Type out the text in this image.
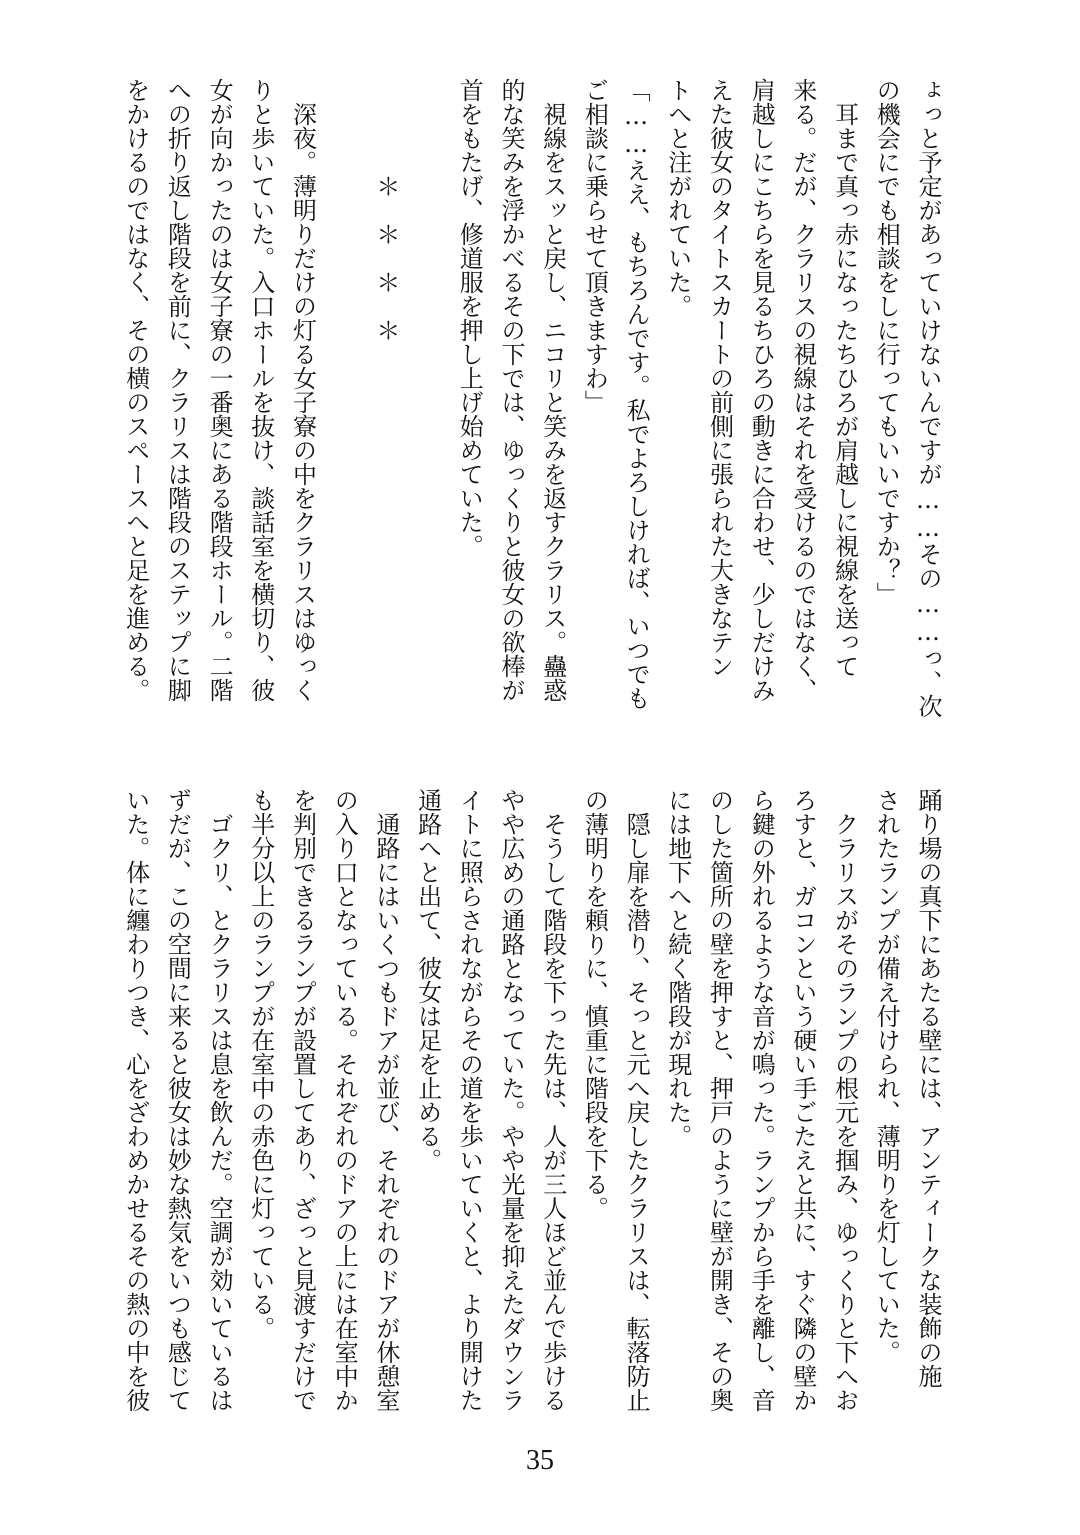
ょっと予定があっていけないんですが……その……っ、次
の機会にでも相談をしに行ってもいいですか？」
　耳まで真っ赤になったちひろが肩越しに視線を送って
来る。だが、クラリスの視線はそれを受けるのではなく、
肩越しにこちらを見るちひろの動きに合わせ、少しだけみ
えた彼女のタイトスカートの前側に張られた大きなテン
トへと注がれていた。
「……ええ、もちろんです。私でよろしければ、いつでも
ご相談に乗らせて頂きますわ」
　視線をスッと戻し、ニコリと笑みを返すクラリス。蠱惑
的な笑みを浮かべるその下では、ゆっくりと彼女の欲棒が
首をもたげ、修道服を押し上げ始めていた。
　　　　＊　＊　＊　＊
　深夜。薄明りだけの灯る女子寮の中をクラリスはゆっく
りと歩いていた。入口ホールを抜け、談話室を横切り、彼
女が向かったのは女子寮の一番奥にある階段ホール。二階
への折り返し階段を前に、クラリスは階段のステップに脚
をかけるのではなく、その横のスペースへと足を進める。
踊り場の真下にあたる壁には、アンティークな装飾の施
されたランプが備え付けられ、薄明りを灯していた。
　クラリスがそのランプの根元を掴み、ゆっくりと下へお
ろすと、ガコンという硬い手ごたえと共に、すぐ隣の壁か
ら鍵の外れるような音が鳴った。ランプから手を離し、音
のした箇所の壁を押すと、押戸のように壁が開き、その奥
には地下へと続く階段が現れた。
　隠し扉を潜り、そっと元へ戻したクラリスは、転落防止
の薄明りを頼りに、慎重に階段を下る。
　そうして階段を下った先は、人が三人ほど並んで歩ける
やや広めの通路となっていた。やや光量を抑えたダウンラ
イトに照らされながらその道を歩いていくと、より開けた
通路へと出て、彼女は足を止める。
　通路にはいくつもドアが並び、それぞれのドアが休憩室
の入り口となっている。それぞれのドアの上には在室中か
を判別できるランプが設置してあり、ざっと見渡すだけで
も半分以上のランプが在室中の赤色に灯っている。
　ゴクリ、とクラリスは息を飲んだ。空調が効いているは
ずだが、この空間に来ると彼女は妙な熱気をいつも感じて
いた。体に纏わりつき、心をざわめかせるその熱の中を彼
35
